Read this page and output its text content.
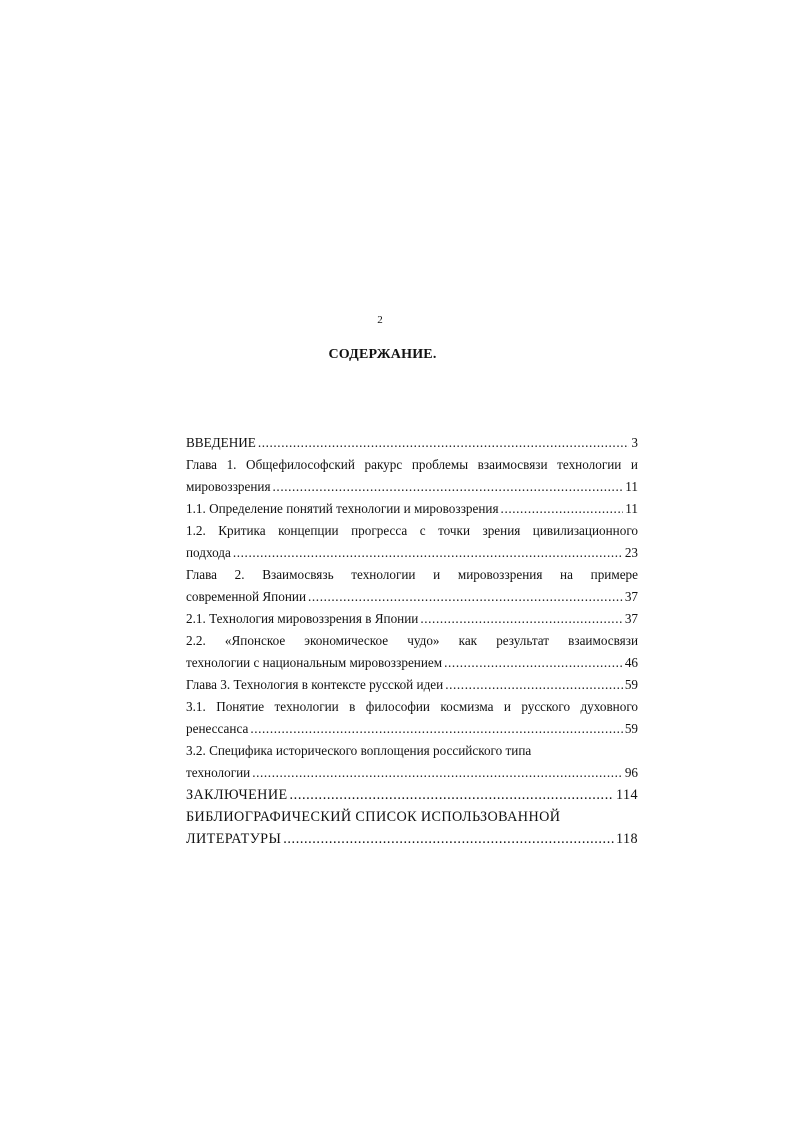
2
СОДЕРЖАНИЕ.
ВВЕДЕНИЕ .....	3
Глава 1. Общефилософский ракурс проблемы взаимосвязи технологии и
мировоззрения .....	11
1.1. Определение понятий технологии и мировоззрения .....	11
1.2. Критика концепции прогресса с точки зрения цивилизационного
подхода .....	23
Глава 2. Взаимосвязь технологии и мировоззрения на примере
современной Японии .....	37
2.1. Технология мировоззрения в Японии .....	37
2.2. «Японское экономическое чудо» как результат взаимосвязи
технологии с национальным мировоззрением .....	46
Глава 3. Технология в контексте русской идеи .....	59
3.1. Понятие технологии в философии космизма и русского духовного
ренессанса .....	59
3.2. Специфика исторического воплощения российского типа
технологии .....	96
ЗАКЛЮЧЕНИЕ .....	114
БИБЛИОГРАФИЧЕСКИЙ СПИСОК ИСПОЛЬЗОВАННОЙ
ЛИТЕРАТУРЫ .....	118
